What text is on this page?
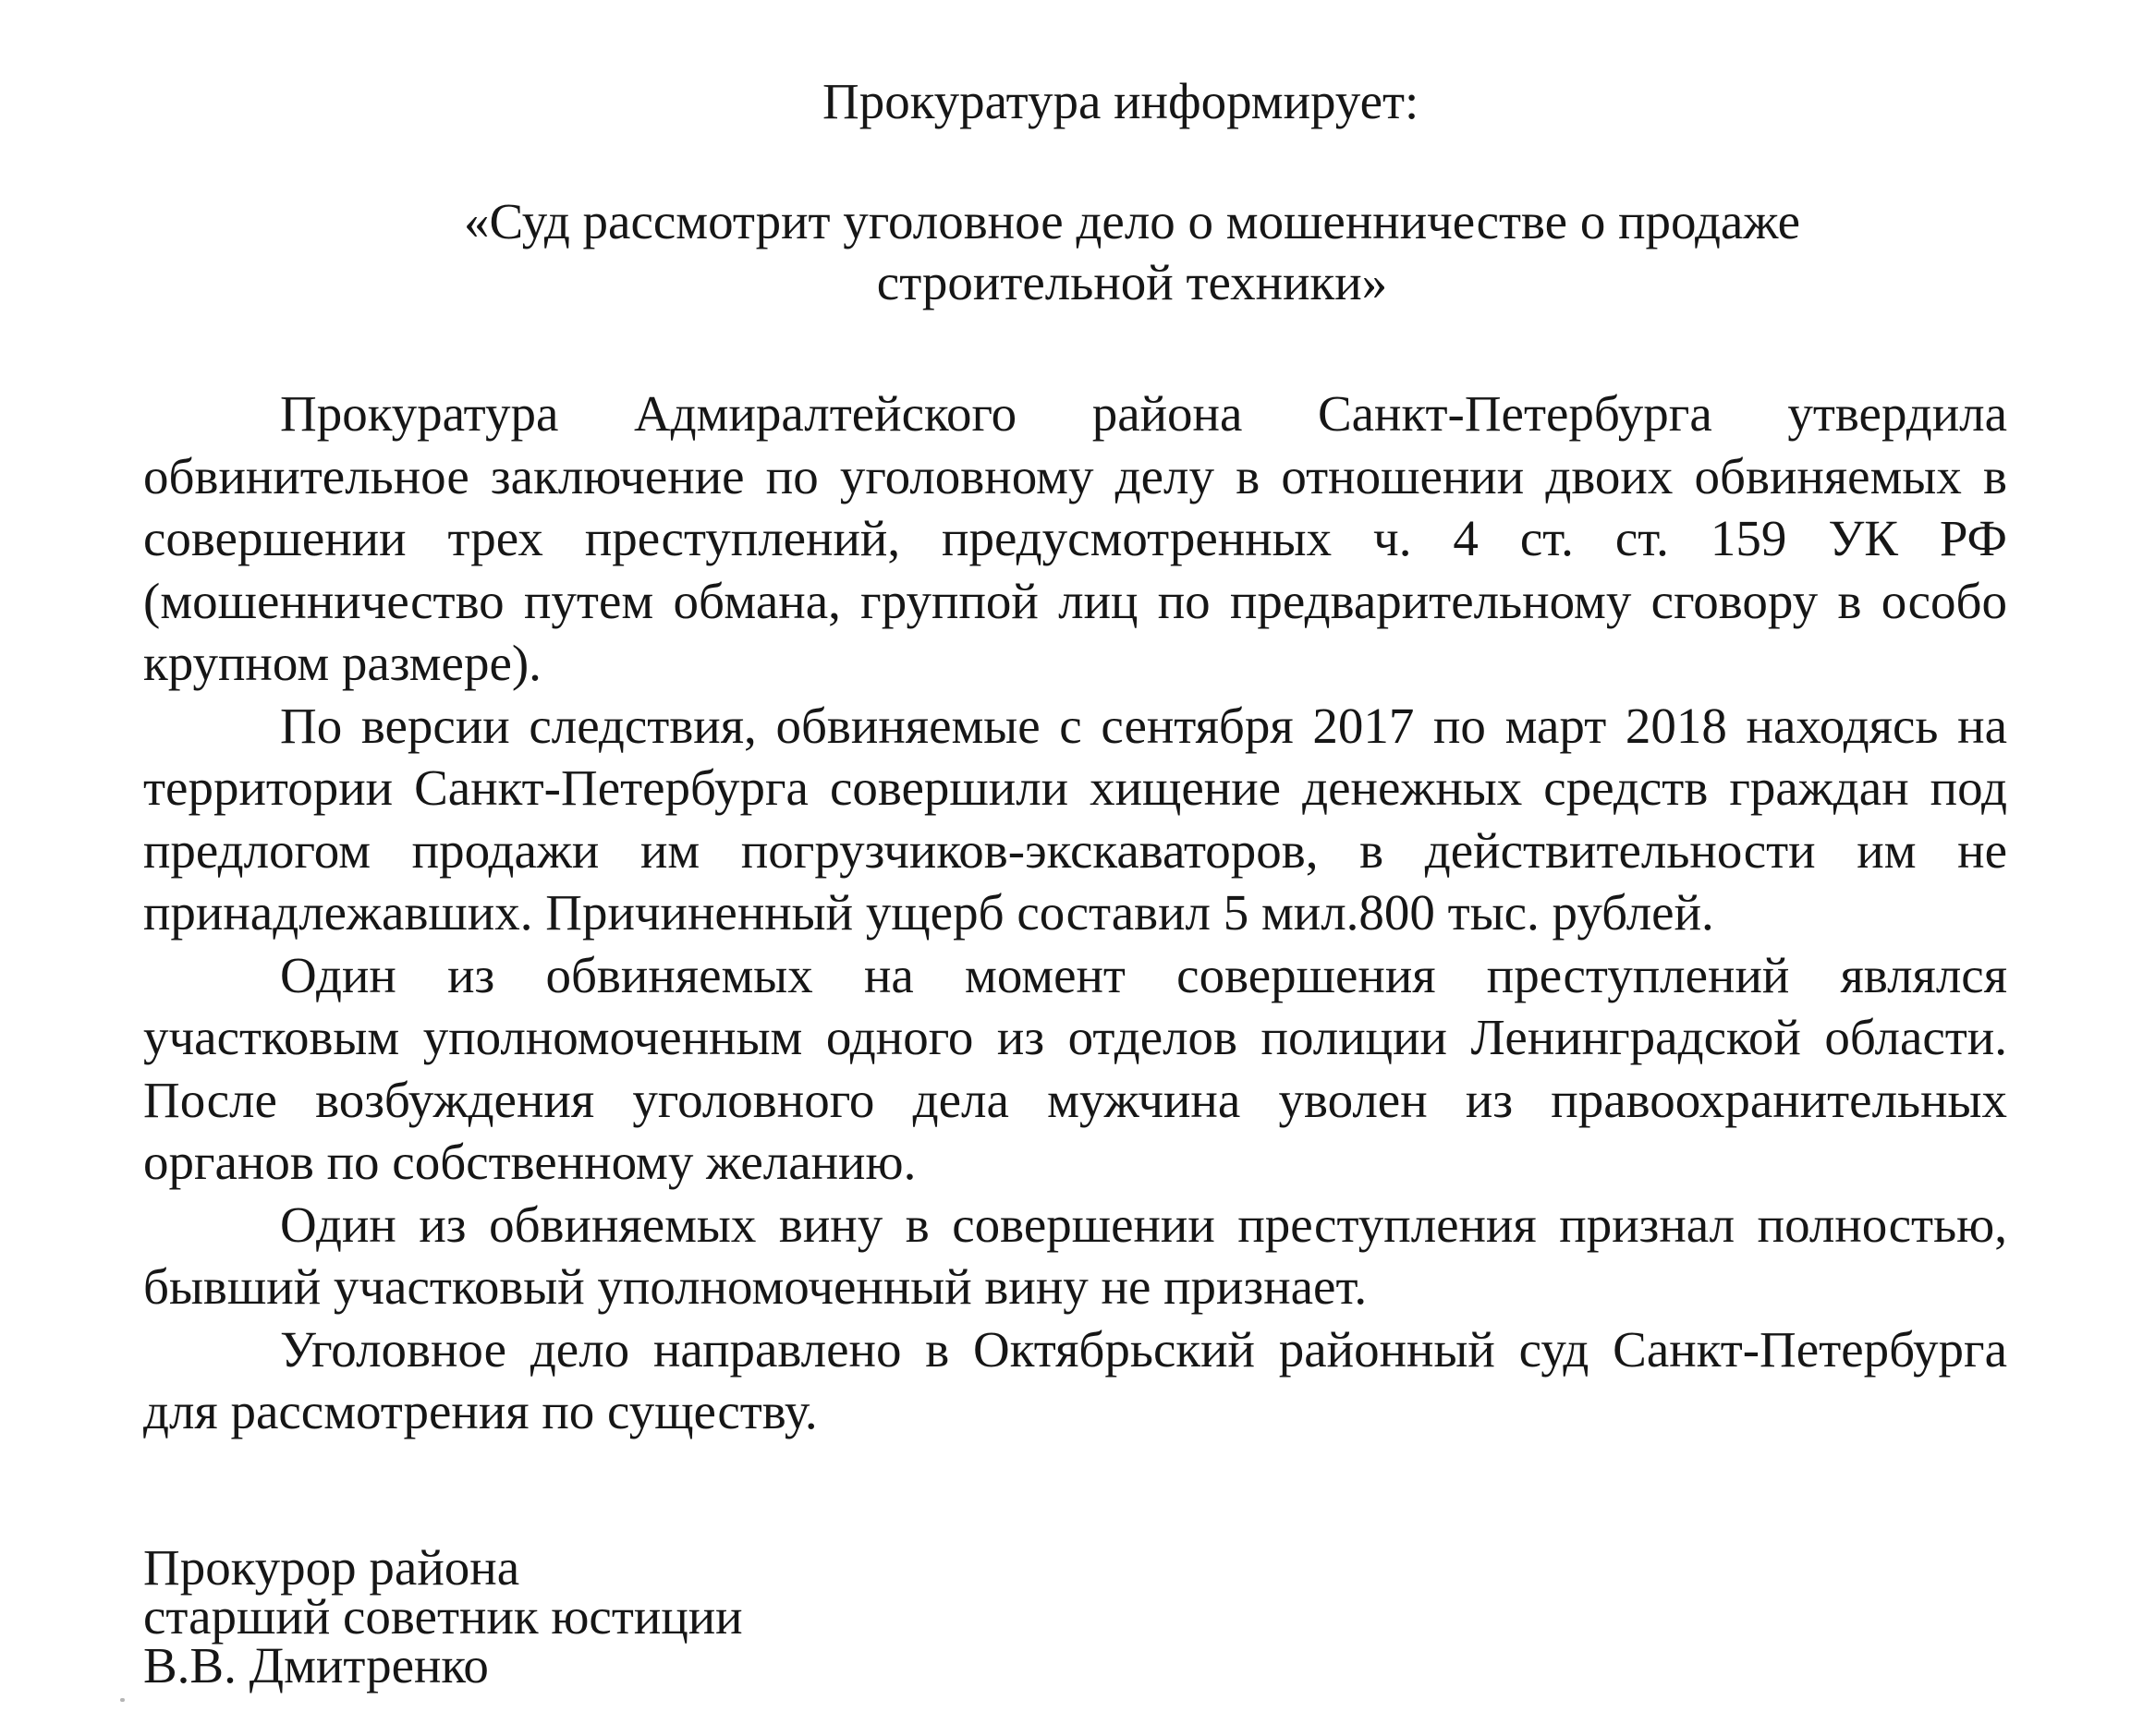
Прокуратура информирует:
«Суд рассмотрит уголовное дело о мошенничестве о продаже
строительной техники»

Прокуратура Адмиралтейского района Санкт-Петербурга утвердила обвинительное заключение по уголовному делу в отношении двоих обвиняемых в совершении трех преступлений, предусмотренных ч. 4 ст. ст. 159 УК РФ (мошенничество путем обмана, группой лиц по предварительному сговору в особо крупном размере).

По версии следствия, обвиняемые с сентября 2017 по март 2018 находясь на территории Санкт-Петербурга совершили хищение денежных средств граждан под предлогом продажи им погрузчиков-экскаваторов, в действительности им не принадлежавших. Причиненный ущерб составил 5 мил.800 тыс. рублей.

Один из обвиняемых на момент совершения преступлений являлся участковым уполномоченным одного из отделов полиции Ленинградской области. После возбуждения уголовного дела мужчина уволен из правоохранительных органов по собственному желанию.

Один из обвиняемых вину в совершении преступления признал полностью, бывший участковый уполномоченный вину не признает.

Уголовное дело направлено в Октябрьский районный суд Санкт-Петербурга для рассмотрения по существу.

Прокурор района
старший советник юстиции
В.В. Дмитренко
